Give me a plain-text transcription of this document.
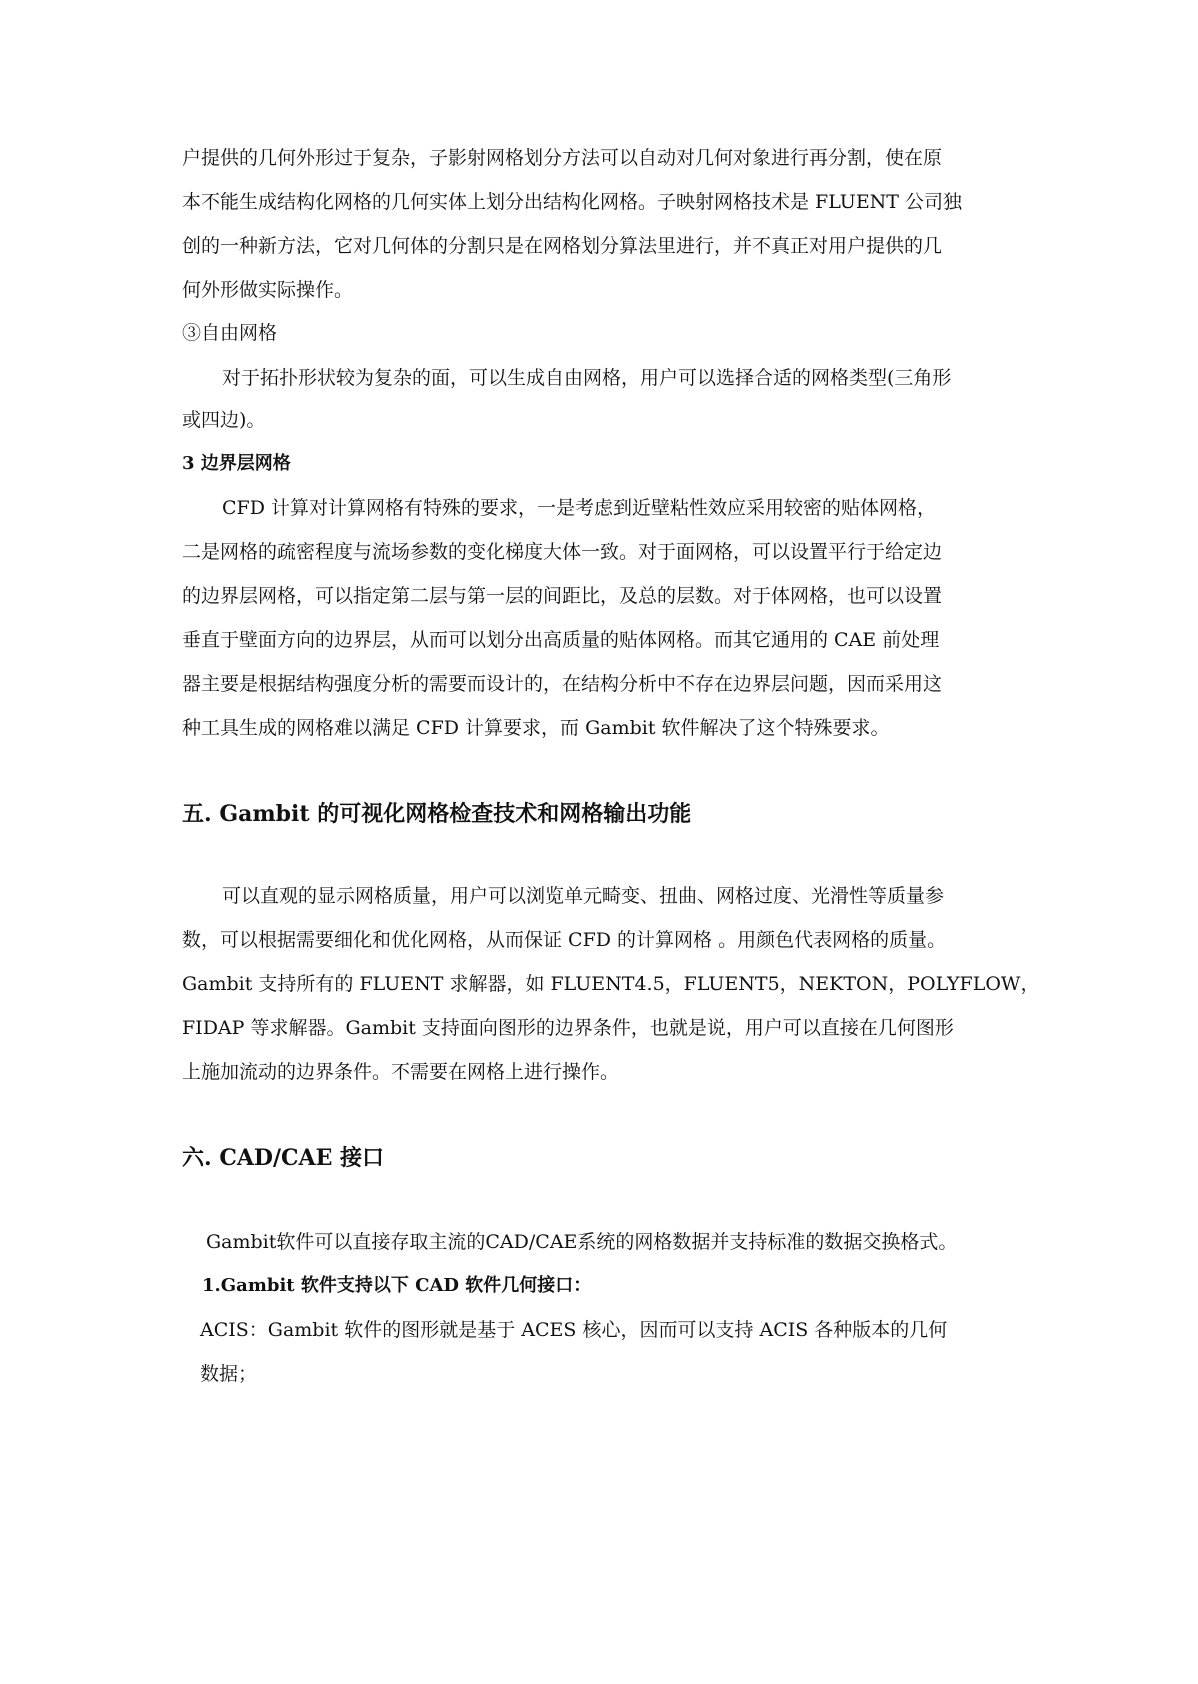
户提供的几何外形过于复杂，子影射网格划分方法可以自动对几何对象进行再分割，使在原
本不能生成结构化网格的几何实体上划分出结构化网格。子映射网格技术是 FLUENT 公司独
创的一种新方法，它对几何体的分割只是在网格划分算法里进行，并不真正对用户提供的几
何外形做实际操作。
③自由网格
对于拓扑形状较为复杂的面，可以生成自由网格，用户可以选择合适的网格类型(三角形
或四边)。
3 边界层网格
CFD 计算对计算网格有特殊的要求，一是考虑到近壁粘性效应采用较密的贴体网格，
二是网格的疏密程度与流场参数的变化梯度大体一致。对于面网格，可以设置平行于给定边
的边界层网格，可以指定第二层与第一层的间距比，及总的层数。对于体网格，也可以设置
垂直于壁面方向的边界层，从而可以划分出高质量的贴体网格。而其它通用的 CAE 前处理
器主要是根据结构强度分析的需要而设计的，在结构分析中不存在边界层问题，因而采用这
种工具生成的网格难以满足 CFD 计算要求，而 Gambit 软件解决了这个特殊要求。
五. Gambit 的可视化网格检查技术和网格输出功能
可以直观的显示网格质量，用户可以浏览单元畸变、扭曲、网格过度、光滑性等质量参
数，可以根据需要细化和优化网格，从而保证 CFD 的计算网格 。用颜色代表网格的质量。
Gambit 支持所有的 FLUENT 求解器，如 FLUENT4.5，FLUENT5，NEKTON，POLYFLOW，
FIDAP 等求解器。Gambit 支持面向图形的边界条件，也就是说，用户可以直接在几何图形
上施加流动的边界条件。不需要在网格上进行操作。
六. CAD/CAE 接口
Gambit软件可以直接存取主流的CAD/CAE系统的网格数据并支持标准的数据交换格式。
1.Gambit 软件支持以下 CAD 软件几何接口：
ACIS：Gambit 软件的图形就是基于 ACES 核心，因而可以支持 ACIS 各种版本的几何
数据；
